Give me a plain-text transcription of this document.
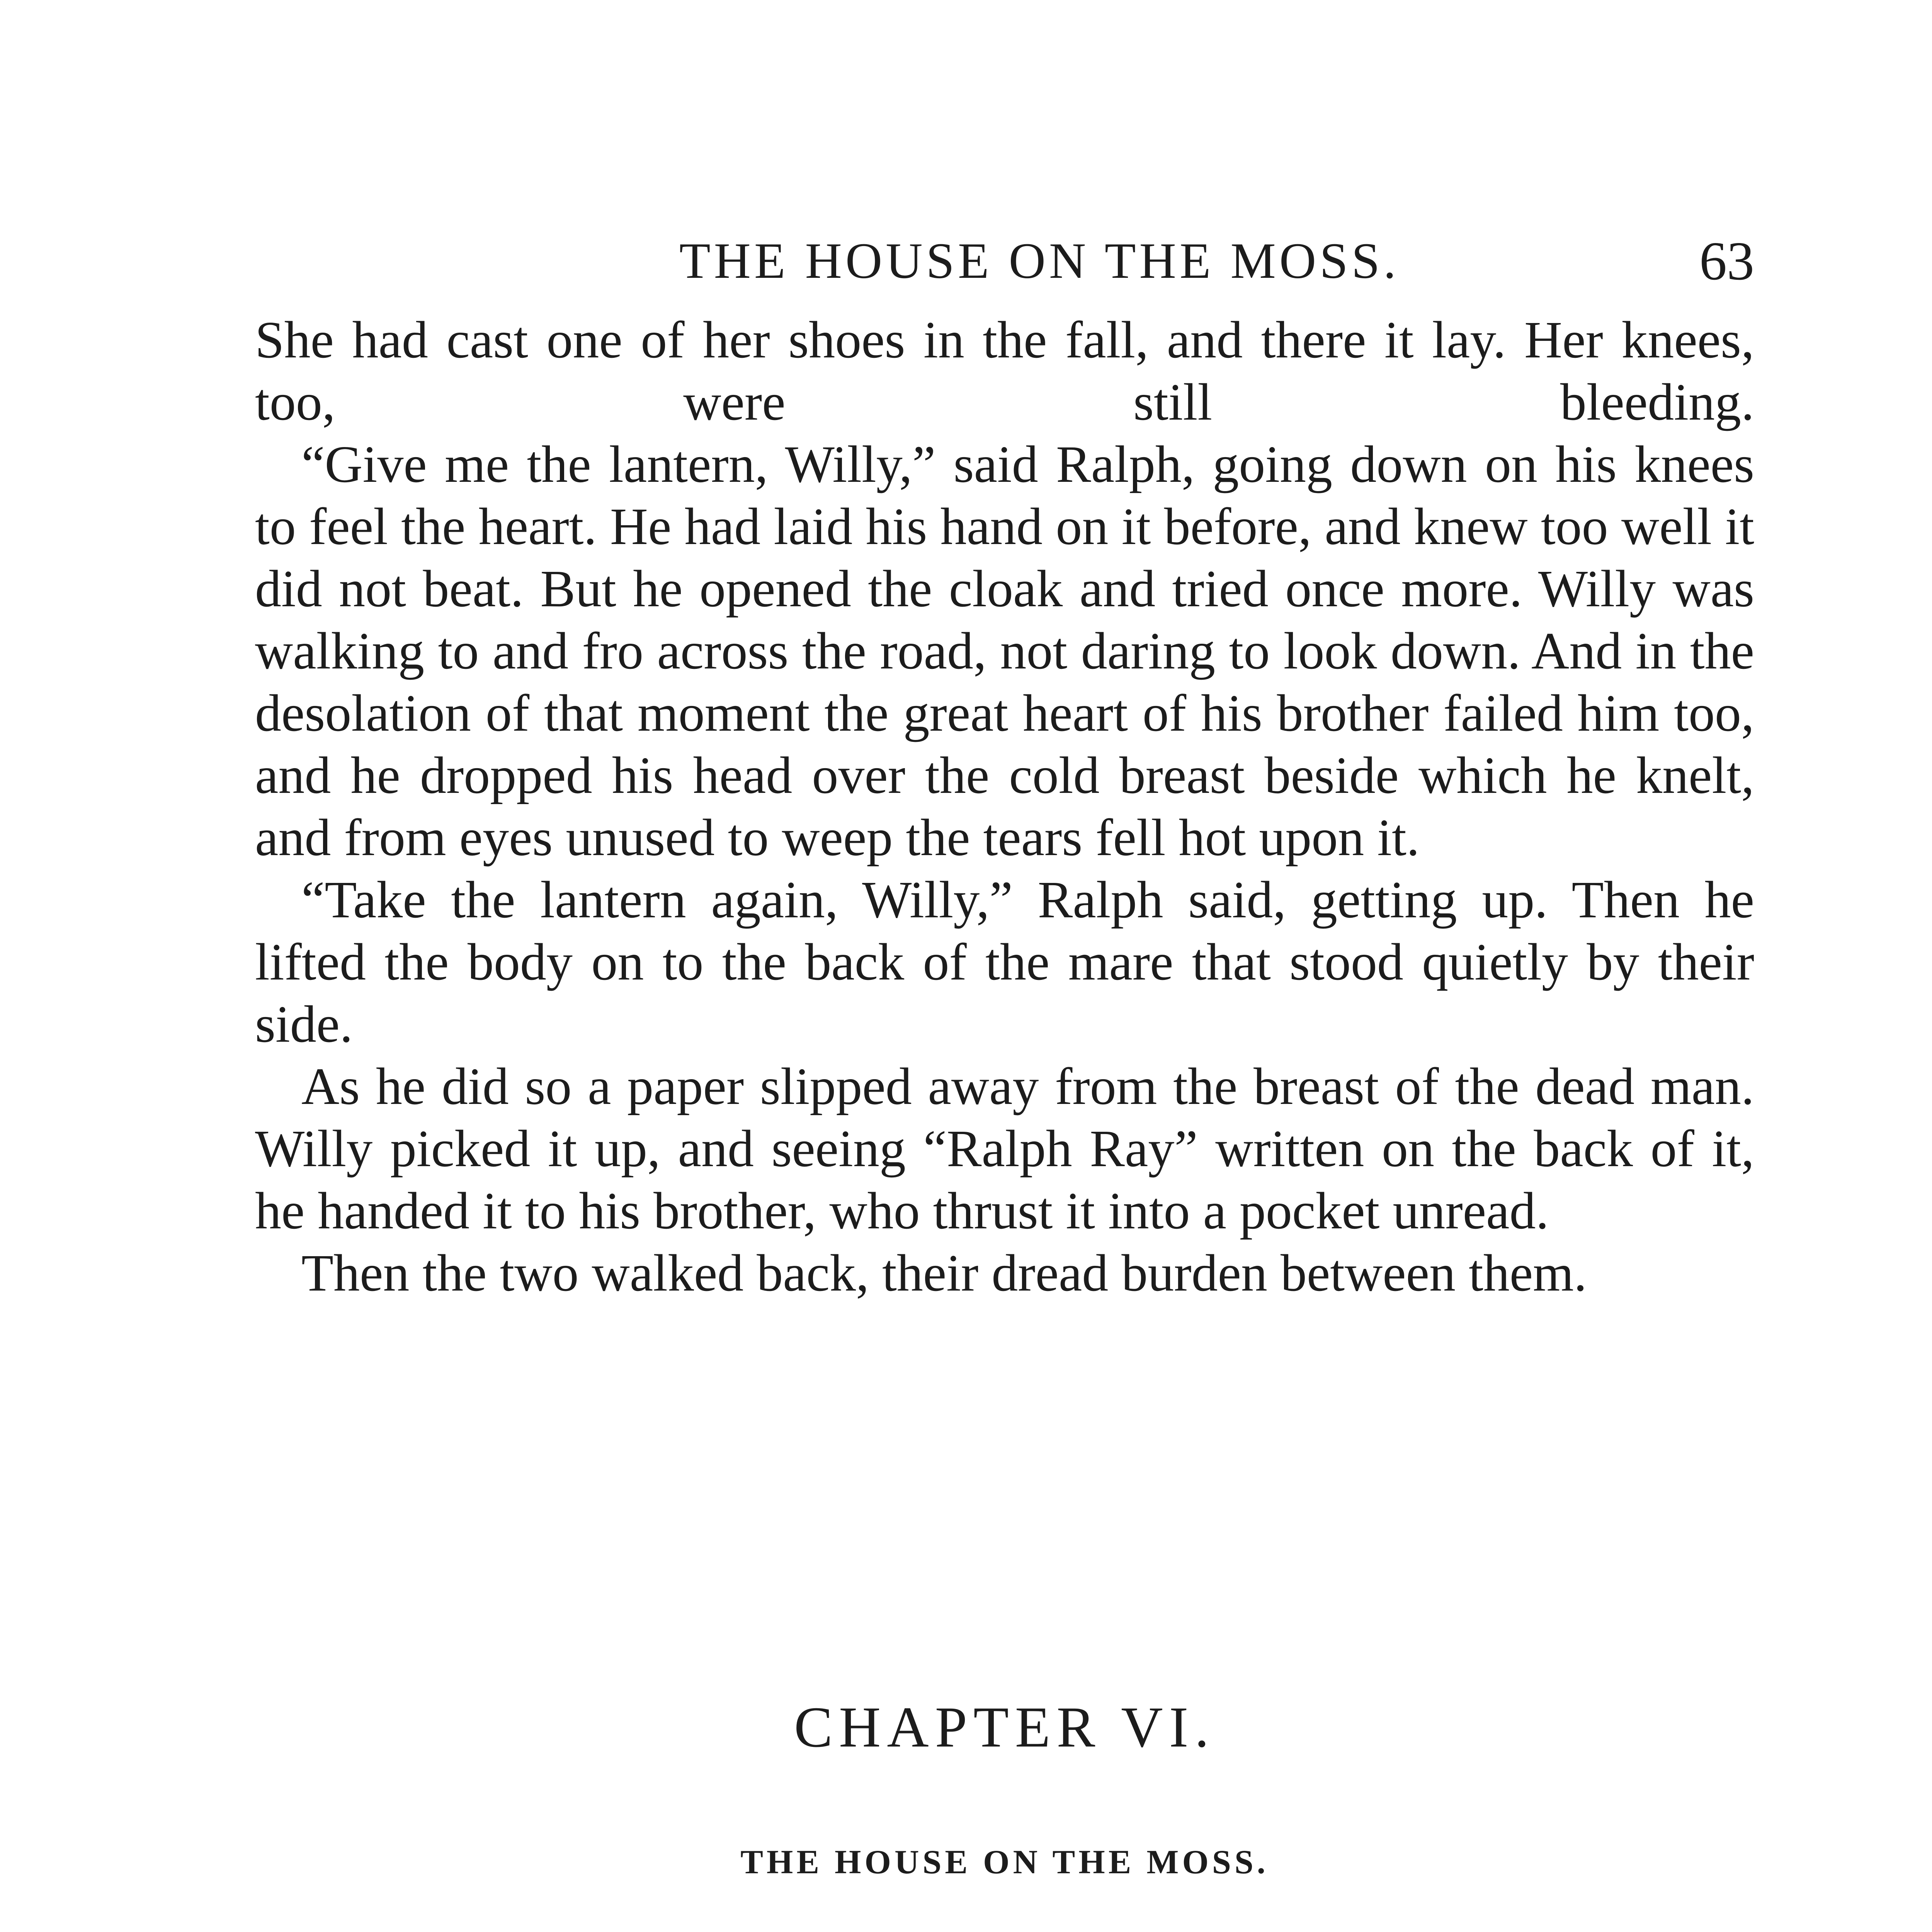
THE HOUSE ON THE MOSS.	63

She had cast one of her shoes in the fall, and there it lay. Her knees, too, were still bleeding.

“Give me the lantern, Willy,” said Ralph, going down on his knees to feel the heart. He had laid his hand on it before, and knew too well it did not beat. But he opened the cloak and tried once more. Willy was walking to and fro across the road, not daring to look down. And in the desolation of that moment the great heart of his brother failed him too, and he dropped his head over the cold breast beside which he knelt, and from eyes unused to weep the tears fell hot upon it.

“Take the lantern again, Willy,” Ralph said, getting up. Then he lifted the body on to the back of the mare that stood quietly by their side.

As he did so a paper slipped away from the breast of the dead man. Willy picked it up, and seeing “Ralph Ray” written on the back of it, he handed it to his brother, who thrust it into a pocket unread.

Then the two walked back, their dread burden between them.

CHAPTER VI.
THE HOUSE ON THE MOSS.
